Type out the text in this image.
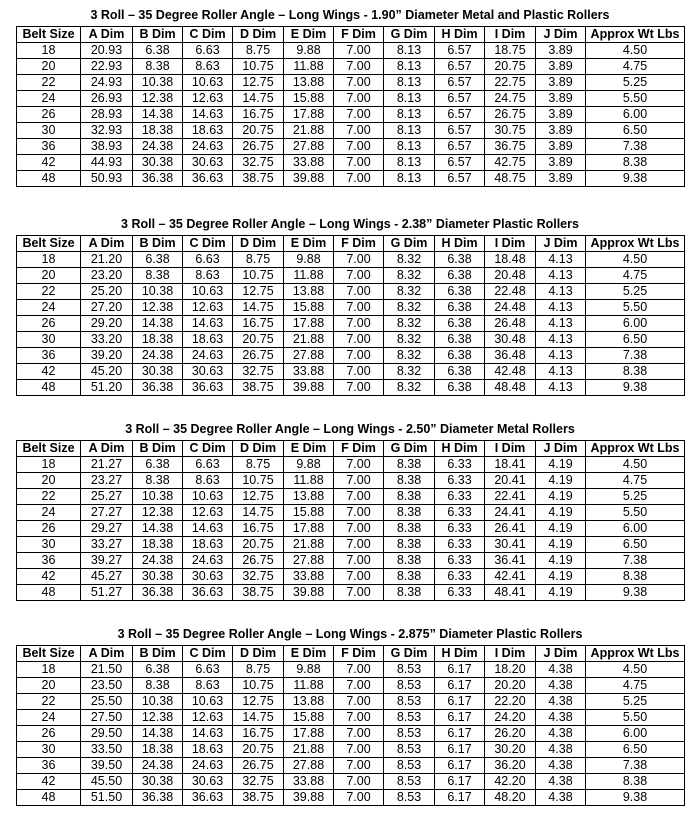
3 Roll – 35 Degree Roller Angle – Long Wings - 1.90” Diameter Metal and Plastic Rollers
Belt Size	A Dim	B Dim	C Dim	D Dim	E Dim	F Dim	G Dim	H Dim	I Dim	J Dim	Approx Wt Lbs
18	20.93	6.38	6.63	8.75	9.88	7.00	8.13	6.57	18.75	3.89	4.50
20	22.93	8.38	8.63	10.75	11.88	7.00	8.13	6.57	20.75	3.89	4.75
22	24.93	10.38	10.63	12.75	13.88	7.00	8.13	6.57	22.75	3.89	5.25
24	26.93	12.38	12.63	14.75	15.88	7.00	8.13	6.57	24.75	3.89	5.50
26	28.93	14.38	14.63	16.75	17.88	7.00	8.13	6.57	26.75	3.89	6.00
30	32.93	18.38	18.63	20.75	21.88	7.00	8.13	6.57	30.75	3.89	6.50
36	38.93	24.38	24.63	26.75	27.88	7.00	8.13	6.57	36.75	3.89	7.38
42	44.93	30.38	30.63	32.75	33.88	7.00	8.13	6.57	42.75	3.89	8.38
48	50.93	36.38	36.63	38.75	39.88	7.00	8.13	6.57	48.75	3.89	9.38
3 Roll – 35 Degree Roller Angle – Long Wings - 2.38” Diameter Plastic Rollers
Belt Size	A Dim	B Dim	C Dim	D Dim	E Dim	F Dim	G Dim	H Dim	I Dim	J Dim	Approx Wt Lbs
18	21.20	6.38	6.63	8.75	9.88	7.00	8.32	6.38	18.48	4.13	4.50
20	23.20	8.38	8.63	10.75	11.88	7.00	8.32	6.38	20.48	4.13	4.75
22	25.20	10.38	10.63	12.75	13.88	7.00	8.32	6.38	22.48	4.13	5.25
24	27.20	12.38	12.63	14.75	15.88	7.00	8.32	6.38	24.48	4.13	5.50
26	29.20	14.38	14.63	16.75	17.88	7.00	8.32	6.38	26.48	4.13	6.00
30	33.20	18.38	18.63	20.75	21.88	7.00	8.32	6.38	30.48	4.13	6.50
36	39.20	24.38	24.63	26.75	27.88	7.00	8.32	6.38	36.48	4.13	7.38
42	45.20	30.38	30.63	32.75	33.88	7.00	8.32	6.38	42.48	4.13	8.38
48	51.20	36.38	36.63	38.75	39.88	7.00	8.32	6.38	48.48	4.13	9.38
3 Roll – 35 Degree Roller Angle – Long Wings - 2.50” Diameter Metal Rollers
Belt Size	A Dim	B Dim	C Dim	D Dim	E Dim	F Dim	G Dim	H Dim	I Dim	J Dim	Approx Wt Lbs
18	21.27	6.38	6.63	8.75	9.88	7.00	8.38	6.33	18.41	4.19	4.50
20	23.27	8.38	8.63	10.75	11.88	7.00	8.38	6.33	20.41	4.19	4.75
22	25.27	10.38	10.63	12.75	13.88	7.00	8.38	6.33	22.41	4.19	5.25
24	27.27	12.38	12.63	14.75	15.88	7.00	8.38	6.33	24.41	4.19	5.50
26	29.27	14.38	14.63	16.75	17.88	7.00	8.38	6.33	26.41	4.19	6.00
30	33.27	18.38	18.63	20.75	21.88	7.00	8.38	6.33	30.41	4.19	6.50
36	39.27	24.38	24.63	26.75	27.88	7.00	8.38	6.33	36.41	4.19	7.38
42	45.27	30.38	30.63	32.75	33.88	7.00	8.38	6.33	42.41	4.19	8.38
48	51.27	36.38	36.63	38.75	39.88	7.00	8.38	6.33	48.41	4.19	9.38
3 Roll – 35 Degree Roller Angle – Long Wings - 2.875” Diameter Plastic Rollers
Belt Size	A Dim	B Dim	C Dim	D Dim	E Dim	F Dim	G Dim	H Dim	I Dim	J Dim	Approx Wt Lbs
18	21.50	6.38	6.63	8.75	9.88	7.00	8.53	6.17	18.20	4.38	4.50
20	23.50	8.38	8.63	10.75	11.88	7.00	8.53	6.17	20.20	4.38	4.75
22	25.50	10.38	10.63	12.75	13.88	7.00	8.53	6.17	22.20	4.38	5.25
24	27.50	12.38	12.63	14.75	15.88	7.00	8.53	6.17	24.20	4.38	5.50
26	29.50	14.38	14.63	16.75	17.88	7.00	8.53	6.17	26.20	4.38	6.00
30	33.50	18.38	18.63	20.75	21.88	7.00	8.53	6.17	30.20	4.38	6.50
36	39.50	24.38	24.63	26.75	27.88	7.00	8.53	6.17	36.20	4.38	7.38
42	45.50	30.38	30.63	32.75	33.88	7.00	8.53	6.17	42.20	4.38	8.38
48	51.50	36.38	36.63	38.75	39.88	7.00	8.53	6.17	48.20	4.38	9.38
